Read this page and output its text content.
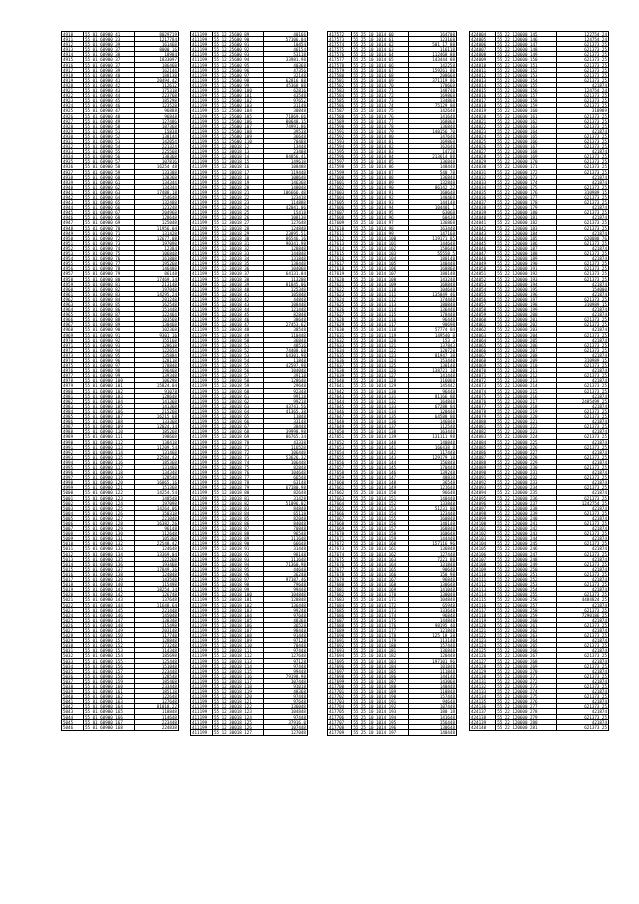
4910	55 01 60900 41	8029719
4911	55 01 60900 23	1217784
4912	55 01 60900 39	161468
4913	55 01 60900 37	8000 16
4914	55 01 60900 38	18984
4915	55 01 60900 37	1833097
4916	55 01 60900 37	186468
4917	55 01 60900 39	162144
4918	55 01 60900 40	188138
4919	55 01 60900 41	20494.42
4920	55 01 60900 42	112612
4921	55 01 60900 43	175318
4922	55 01 60900 44	223768
4923	55 01 60900 45	185298
4924	55 01 60900 46	123528
4925	55 01 60900 47	96888
4926	55 01 60900 48	96848
4927	55 01 60900 49	127486
4928	55 01 60900 50	187368
4929	55 01 60900 51	15838
4930	55 01 60900 52	138144
4931	55 01 60900 53	142054
4932	55 01 60900 54	221324
4933	55 01 60900 55	225568
4934	55 01 60900 56	138368
4935	55 01 60900 57	107816
4936	55 01 60900 58	16254 48
4937	55 01 60900 59	133388
4938	55 01 60900 60	138368
4939	55 01 60900 61	134344
4940	55 01 60900 62	134344
4941	55 01 60900 63	17488.18
4942	55 01 60900 64	154648
4943	55 01 60900 65	132488
4944	55 01 60900 66	123248
4945	55 01 60900 67	204968
4946	55 01 60900 68	128648
4947	55 01 60900 69	125048
4948	55 01 60900 70	11956.04
4949	55 01 60900 71	131428
4950	55 01 60900 72	12677.08
4951	55 01 60900 73	197098
4952	55 01 60900 74	12384
4953	55 01 60900 75	106848
4954	55 01 60900 76	161808
4955	55 01 60900 77	195268
4956	55 01 60900 78	146488
4957	55 01 60900 79	86148
4958	55 01 60900 80	17469.34
4959	55 01 60900 81	213148
4960	55 01 60900 82	197048
4961	55 01 60900 83	14295.24
4962	55 01 60900 84	201248
4963	55 01 60900 85	162548
4964	55 01 60900 86	151448
4965	55 01 60900 87	122464
4966	55 01 60900 88	103568
4967	55 01 60900 89	130468
4968	55 01 60900 90	102368
4969	55 01 60900 91	9301 16
4970	55 01 60900 92	155168
4971	55 01 60900 93	128618
4972	55 01 60900 94	122654
4973	55 01 60900 95	135884
4974	55 01 60900 96	128118
4975	55 01 60900 97	178848
4976	55 01 60900 98	196468
4977	55 01 60900 99	139348
4978	55 01 60900 100	106298
4979	55 01 60900 101	15824.04
4980	55 01 60900 102	91078
4981	55 01 60900 103	128648
4982	55 01 60900 104	141368
4983	55 01 60900 105	141368
4984	55 01 60900 106	215268
4985	55 01 60900 107	16215 68
4986	55 01 60900 108	133368
4987	55 01 60900 109	12024.34
4988	55 01 60900 110	185268
4989	55 01 60900 111	198668
4990	55 01 60900 112	138418
4991	55 01 60900 113	11209.54
4992	55 01 60900 114	131468
4993	55 01 60900 115	22584.42
4994	55 01 60900 116	185368
4995	55 01 60900 117	131468
4996	55 01 60900 118	134348
4997	55 01 60900 119	128548
4998	55 01 60900 120	16065.16
4999	55 01 60900 121	151368
5000	55 01 60900 122	14254.54
5001	55 01 60900 123	148548
5002	55 01 60900 124	197098
5003	55 01 60900 125	14264.06
5004	55 01 60900 126	150318
5005	55 01 60900 127	221048
5006	55 01 60900 128	16382.26
5007	55 01 60900 129	96148
5008	55 01 60900 130	112648
5009	55 01 60900 131	105368
5010	55 01 60900 132	22548.42
5011	55 01 60900 133	124648
5012	55 01 60900 134	13369.04
5013	55 01 60900 135	122268
5014	55 01 60900 136	193468
5015	55 01 60900 137	17849.36
5016	55 01 60900 138	124848
5017	55 01 60900 139	143548
5018	55 01 60900 140	115498
5019	55 01 60900 141	18254.34
5020	55 01 60900 142	126748
5021	55 01 60900 143	137648
5022	55 01 60900 144	11648.64
5023	55 01 60900 145	221448
5024	55 01 60900 146	145048
5025	55 01 60900 147	138348
5026	55 01 60900 148	115498
5027	55 01 60900 149	203148
5028	55 01 60900 150	117748
5029	55 01 60900 151	128848
5030	55 01 60900 152	173248
5031	55 01 60900 153	114348
5032	55 01 60900 154	185698
5033	55 01 60900 155	125448
5034	55 01 60900 156	151048
5035	55 01 60900 157	223448
5036	55 01 60900 158	128548
5037	55 01 60900 159	185468
5038	55 01 60900 160	233448
5039	55 01 60900 161	185118
5040	55 01 60900 162	122648
5041	55 01 60900 163	127648
5042	55 01 60900 164	81018.22
5043	55 01 60900 165	118848
5044	55 01 60900 166	114648
5045	55 01 60900 167	223448
5046	55 01 60900 168	224838
411199	55 12 25600 89	40166
411199	55 12 25600 90	57106.04
411199	55 12 25600 91	10454
411199	55 12 25600 92	46154
411199	55 12 25600 93	53118
411199	55 12 25600 94	33981.98
411199	55 12 25600 95	40368
411199	55 12 25600 96	47356
411199	55 12 25600 97	32148
411199	55 12 25600 98	62816 88
411199	55 12 25600 99	45368 08
411199	55 12 25600 100	62816
411199	55 12 25600 101	43548
411199	55 12 25600 102	97652
411199	55 12 25600 103	31148
411199	55 12 25600 104	30848
411199	55 12 25600 105	71869.66
411199	55 12 25600 106	80648.15
411199	55 12 25600 107	74991.86
411199	55 12 25600 108	39538
411199	55 12 25600 109	36648
411199	55 12 25600 110	70488
411199	55 12 30018 12	13448
411199	55 12 30018 13	23408
411199	55 12 30018 14	84856.41
411199	55 12 30018 15	149618
411199	55 12 30018 16	108488
411199	55 12 30018 17	119448
411199	55 12 30018 18	108648
411199	55 12 30018 19	146368
411199	55 12 30018 20	148048
411199	55 12 30018 21	106666.48
411199	55 12 30018 22	123418
411199	55 12 30018 23	114888
411199	55 12 30018 24	42041.06
411199	55 12 30018 25	15418
411199	55 12 30018 26	108138
411199	55 12 30018 27	127648
411199	55 12 30018 28	124848
411199	55 12 30018 29	23895.51
411199	55 12 30018 30	86546.16
411199	55 12 30018 31	90341.98
411199	55 12 30018 32	128848
411199	55 12 30018 33	144848
411199	55 12 30018 34	131848
411199	55 12 30018 35	138448
411199	55 12 30018 36	104068
411199	55 12 30018 37	64131.84
411199	55 12 30018 38	113208
411199	55 12 30018 39	81845.06
411199	55 12 30018 40	125348
411199	55 12 30018 41	105848
411199	55 12 30018 42	44848
411199	55 12 30018 43	108448
411199	55 12 30018 44	121448
411199	55 12 30018 45	82848
411199	55 12 30018 46	38648
411199	55 12 30018 47	27453.62
411199	55 12 30018 48	38548
411199	55 12 30018 49	110448
411199	55 12 30018 50	36848
411199	55 12 30018 51	48516
411199	55 12 30018 52	74408.68
411199	55 12 30018 53	64301.98
411199	55 12 30018 54	11848
411199	55 12 30018 55	42597.98
411199	55 12 30018 56	104048
411199	55 12 30018 57	39118
411199	55 12 30018 58	128648
411199	55 12 30018 59	29648
411199	55 12 30018 60	92348
411199	55 12 30018 61	99118
411199	55 12 30018 62	99218
411199	55 12 30018 63	43741.56
411199	55 12 30018 64	41365.38
411199	55 12 30018 65	11848
411199	55 12 30018 66	33148
411199	55 12 30018 67	38448
411199	55 12 30018 68	39998.98
411199	55 12 30018 69	86765.34
411199	55 12 30018 70	43338
411199	55 12 30018 71	116528
411199	55 12 30018 72	106448
411199	55 12 30018 73	53626.32
411199	55 12 30018 74	106448
411199	55 12 30018 75	82848
411199	55 12 30018 76	104648
411199	55 12 30018 77	66548
411199	55 12 30018 78	63148
411199	55 12 30018 79	67180.98
411199	55 12 30018 80	82648
411199	55 12 30018 81	31428
411199	55 12 30018 82	51096.02
411199	55 12 30018 83	84848
411199	55 12 30018 84	65118
411199	55 12 30018 85	82048
411199	55 12 30018 86	84048
411199	55 12 30018 87	70848
411199	55 12 30018 88	96548
411199	55 12 30018 89	111648
411199	55 12 30018 90	66648
411199	55 12 30018 91	31448
411199	55 12 30018 92	98148
411199	55 12 30018 93	111648
411199	55 12 30018 94	71360.98
411199	55 12 30018 95	44648
411199	55 12 30018 96	36248
411199	55 12 30018 97	97187.46
411199	55 12 30018 98	79648
411199	55 12 30018 99	99448
411199	55 12 30018 100	104848
411199	55 12 30018 101	128848
411199	55 12 30018 102	136448
411199	55 12 30018 103	99248
411199	55 12 30018 104	97648
411199	55 12 30018 105	48368
411199	55 12 30018 106	36528
411199	55 12 30018 107	98448
411199	55 12 30018 108	91448
411199	55 12 30018 109	97128
411199	55 12 30018 110	70448
411199	55 12 30018 111	97448
411199	55 12 30018 112	127648
411199	55 12 30018 113	97128
411199	55 12 30018 114	97448
411199	55 12 30018 115	99448
411199	55 12 30018 116	79198.98
411199	55 12 30018 117	107448
411199	55 12 30018 118	91018
411199	55 12 30018 119	48368
411199	55 12 30018 120	97448
411199	55 12 30018 121	97648
411199	55 12 30018 122	136048
411199	55 12 30018 123	104848
411199	55 12 30018 124	97448
411199	55 12 30018 125	37916.0
411199	55 12 30018 126	107448
411199	55 12 30018 127	127048
417572	55 25 10 1014 60	164708
417573	55 25 10 1014 61	123168
417574	55 25 10 1014 62	501 17 88
417575	55 25 10 1014 63	116118
417576	55 25 10 1014 64	112468 88
417577	55 25 10 1014 65	143444 88
417578	55 25 10 1014 66	142258
417579	55 25 10 1014 67	159261 88
417580	55 25 10 1014 68	208668
417581	55 25 10 1014 69	371119 86
417582	55 25 10 1014 70	170668
417583	55 25 10 1014 71	148748
417584	55 25 10 1014 72	169868
417585	55 25 10 1014 73	134868
417586	55 25 10 1014 74	75129 88
417587	55 25 10 1014 75	142648
417588	55 25 10 1014 76	141648
417589	55 25 10 1014 77	168868
417590	55 25 10 1014 78	136848
417591	55 25 10 1014 79	140156 70
417592	55 25 10 1014 80	147648
417593	55 25 10 1014 81	169868
417594	55 25 10 1014 82	162648
417595	55 25 10 1014 83	14728
417596	55 25 10 1014 84	213614 88
417597	55 25 10 1014 85	136848
417598	55 25 10 1014 86	148448
417599	55 25 10 1014 87	540 78
417600	55 25 10 1014 88	136848
417601	55 25 10 1014 89	132848
417602	55 25 10 1014 90	86142 22
417603	55 25 10 1014 91	160648
417604	55 25 10 1014 92	148468
417605	55 25 10 1014 93	144148
417606	55 25 10 1014 94	104401 1
417607	55 25 10 1014 95	63068
417608	55 25 10 1014 96	60438
417609	55 25 10 1014 97	136868
417610	55 25 10 1014 98	163448
417611	55 25 10 1014 99	147168
417612	55 25 10 1014 100	119171 85
417613	55 25 10 1014 101	144648
417614	55 25 10 1014 102	158648
417615	55 25 10 1014 103	55558 5
417616	55 25 10 1014 104	180148
417617	55 25 10 1014 105	140448
417618	55 25 10 1014 106	168868
417619	55 25 10 1014 107	180148
417620	55 25 10 1014 108	143248
417621	55 25 10 1014 109	168848
417622	55 25 10 1014 110	104648
417623	55 25 10 1014 111	135049 46
417624	55 25 10 1014 112	174448
417625	55 25 10 1014 113	180848
417626	55 25 10 1014 114	136448
417627	55 25 10 1014 115	178448
417628	55 25 10 1014 116	96448
417629	55 25 10 1014 117	90698
417630	55 25 10 1014 118	57774 84
417631	55 25 10 1014 119	149540 8
417632	55 25 10 1014 120	153 3
417633	55 25 10 1014 121	137843
417634	55 25 10 1014 122	120728
417635	55 25 10 1014 123	81947 38
417636	55 25 10 1014 124	153448
417637	55 25 10 1014 125	130148
417638	55 25 10 1014 126	138721 18
417639	55 25 10 1014 127	141448
417640	55 25 10 1014 128	116068
417641	55 25 10 1014 129	145442
417642	55 25 10 1014 130	96448
417643	55 25 10 1014 131	81166 88
417644	55 25 10 1014 132	164848
417645	55 25 10 1014 133	67288 84
417646	55 25 10 1014 134	120448
417647	55 25 10 1014 135	64588 88
417648	55 25 10 1014 136	146848
417649	55 25 10 1014 137	112548
417650	55 25 10 1014 138	163448
417651	55 25 10 1014 139	131111 98
417652	55 25 10 1014 140	140848
417653	55 25 10 1014 141	166438 8
417654	55 25 10 1014 142	117448
417655	55 25 10 1014 143	129179 18
417656	55 25 10 1014 144	156848
417657	55 25 10 1014 145	170448
417658	55 25 10 1014 146	139248
417659	55 25 10 1014 147	48838
417660	55 25 10 1014 148	36548
417661	55 25 10 1014 149	121648
417662	55 25 10 1014 150	96648
417663	55 25 10 1014 151	140448
417664	55 25 10 1014 152	133848
417665	55 25 10 1014 153	51231 88
417666	55 25 10 1014 154	123448
417667	55 25 10 1014 155	160848
417668	55 25 10 1014 156	140148
417669	55 25 10 1014 157	168848
417670	55 25 10 1014 158	160648
417671	55 25 10 1014 159	144448
417672	55 25 10 1014 160	157116 96
417673	55 25 10 1014 161	136848
417674	55 25 10 1014 162	127448
417675	55 25 10 1014 163	7221 88
417676	55 25 10 1014 164	131848
417677	55 25 10 1014 165	90648
417678	55 25 10 1014 166	150 98
417679	55 25 10 1014 167	96848
417680	55 25 10 1014 168	130648
417681	55 25 10 1014 169	141048
417682	55 25 10 1014 170	130048
417683	55 25 10 1014 171	104848
417684	55 25 10 1014 172	65948
417685	55 25 10 1014 173	133648
417686	55 25 10 1014 174	96848
417687	55 25 10 1014 175	144848
417688	55 25 10 1014 176	98195 48
417689	55 25 10 1014 177	121848
417690	55 25 10 1014 178	125 18 38
417691	55 25 10 1014 179	113148
417692	55 25 10 1014 180	157448
417693	55 25 10 1014 181	136848
417694	55 25 10 1014 182	120448
417695	55 25 10 1014 183	197101 96
417696	55 25 10 1014 184	101848
417697	55 25 10 1014 185	111848
417698	55 25 10 1014 186	144148
417699	55 25 10 1014 187	143068
417700	55 25 10 1014 188	140448
417701	55 25 10 1014 189	110848
417702	55 25 10 1014 190	157448
417703	55 25 10 1014 191	94648
417704	55 25 10 1014 192	107448
417705	55 25 10 1014 193	180 18
417706	55 25 10 1014 194	141648
417707	55 25 10 1014 195	156448
417708	55 25 10 1014 196	130648
417709	55 25 10 1014 197	140448
424004	55 22 120600 145	122754 24
424005	55 22 120600 146	124754 24
424006	55 22 120600 147	621373 25
424007	55 22 120600 148	621373 25
424008	55 22 120600 149	621373 25
424009	55 22 120600 150	621373 25
424010	55 22 120600 151	621373 25
424011	55 22 120600 152	621373 25
424012	55 22 120600 153	621373 25
424013	55 22 120600 154	621373 25
424014	55 22 120600 155	421874
424015	55 22 120600 156	124754 24
424016	55 22 120600 157	621373 25
424017	55 22 120600 158	621373 25
424018	55 22 120600 159	621373 25
424019	55 22 120600 160	310989
424020	55 22 120600 161	621373 25
424021	55 22 120600 162	621373 25
424022	55 22 120600 163	621373 25
424023	55 22 120600 164	421874
424024	55 22 120600 165	621373 25
424025	55 22 120600 166	621373 25
424026	55 22 120600 167	621373 25
424027	55 22 120600 168	421874
424028	55 22 120600 169	621373 25
424029	55 22 120600 170	621373 25
424030	55 22 120600 171	621373 25
424031	55 22 120600 172	621373 25
424032	55 22 120600 173	421874
424033	55 22 120600 174	421874
424034	55 22 120600 175	621373 25
424035	55 22 120600 176	310989 15
424036	55 22 120600 177	621373 25
424037	55 22 120600 178	621373 25
424038	55 22 120600 179	421874
424039	55 22 120600 180	621373 25
424040	55 22 120600 181	421874
424041	55 22 120600 182	621373 25
424042	55 22 120600 183	621373 25
424043	55 22 120600 184	421874
424044	55 22 120600 185	620080 76
424045	55 22 120600 186	621373 25
424046	55 22 120600 187	421874
424047	55 22 120600 188	621373 25
424048	55 22 120600 189	421874
424049	55 22 120600 190	621373 25
424050	55 22 120600 191	621373 25
424051	55 22 120600 192	621373 25
424052	55 22 120600 193	621373 25
424053	55 22 120600 194	421874
424054	55 22 120600 195	154000
424055	55 22 120600 196	421874
424056	55 22 120600 197	621373 25
424057	55 22 120600 198	310989 15
424058	55 22 120600 199	421874
424059	55 22 120600 200	421874
424060	55 22 120600 201	621373 25
424061	55 22 120600 202	621373 25
424062	55 22 120600 203	421874
424063	55 22 120600 204	621373 25
424064	55 22 120600 205	421874
424065	55 22 120600 206	621373 25
424066	55 22 120600 207	621373 25
424067	55 22 120600 208	421874
424068	55 22 120600 209	310989 15
424069	55 22 120600 210	621373 25
424070	55 22 120600 211	421874
424071	55 22 120600 212	621373 25
424072	55 22 120600 213	421874
424073	55 22 120600 214	621373 25
424074	55 22 120600 215	621373 25
424075	55 22 120600 216	421874
424076	55 22 120600 217	2485499 25
424077	55 22 120600 218	421874
424078	55 22 120600 219	621373 25
424079	55 22 120600 220	621373 25
424080	55 22 120600 221	421874
424081	55 22 120600 222	621373 25
424082	55 22 120600 223	421874
424083	55 22 120600 224	621373 25
424084	55 22 120600 225	421874
424085	55 22 120600 226	621373 25
424086	55 22 120600 227	421874
424087	55 22 120600 228	621373 25
424088	55 22 120600 229	421874
424089	55 22 120600 230	621373 25
424090	55 22 120600 231	421874
424091	55 22 120600 232	621373 25
424092	55 22 120600 233	421874
424093	55 22 120600 234	621373 25
424094	55 22 120600 235	421874
424095	55 22 120600 236	621373 25
424096	55 22 120600 237	1242754 25
424097	55 22 120600 238	421874
424098	55 22 120600 239	621373 25
424099	55 22 120600 240	421874
424100	55 22 120600 241	621373 25
424101	55 22 120600 242	421874
424102	55 22 120600 243	621373 25
424103	55 22 120600 244	421874
424104	55 22 120600 245	621373 25
424105	55 22 120600 246	421874
424106	55 22 120600 247	621373 25
424107	55 22 120600 248	421874
424108	55 22 120600 249	621373 25
424109	55 22 120600 250	421874
424110	55 22 120600 251	621373 25
424111	55 22 120600 252	421874
424112	55 22 120600 253	621373 25
424113	55 22 120600 254	421874
424114	55 22 120600 255	621373 25
424115	55 22 120600 256	4484824 25
424116	55 22 120600 257	421874
424117	55 22 120600 258	621373 25
424118	55 22 120600 259	7290186 25
424119	55 22 120600 260	421874
424120	55 22 120600 261	621373 25
424121	55 22 120600 262	421874
424122	55 22 120600 263	621373 25
424123	55 22 120600 264	421874
424124	55 22 120600 265	621373 25
424125	55 22 120600 266	421874
424126	55 22 120600 267	621373 25
424127	55 22 120600 268	421874
424128	55 22 120600 269	621373 25
424129	55 22 120600 270	421874
424130	55 22 120600 271	621373 25
424131	55 22 120600 272	421874
424132	55 22 120600 273	621373 25
424133	55 22 120600 274	421874
424134	55 22 120600 275	621373 25
424135	55 22 120600 276	421874
424136	55 22 120600 277	621373 25
424137	55 22 120600 278	421874
424138	55 22 120600 279	621373 25
424139	55 22 120600 280	421874
424140	55 22 120600 281	621373 25
